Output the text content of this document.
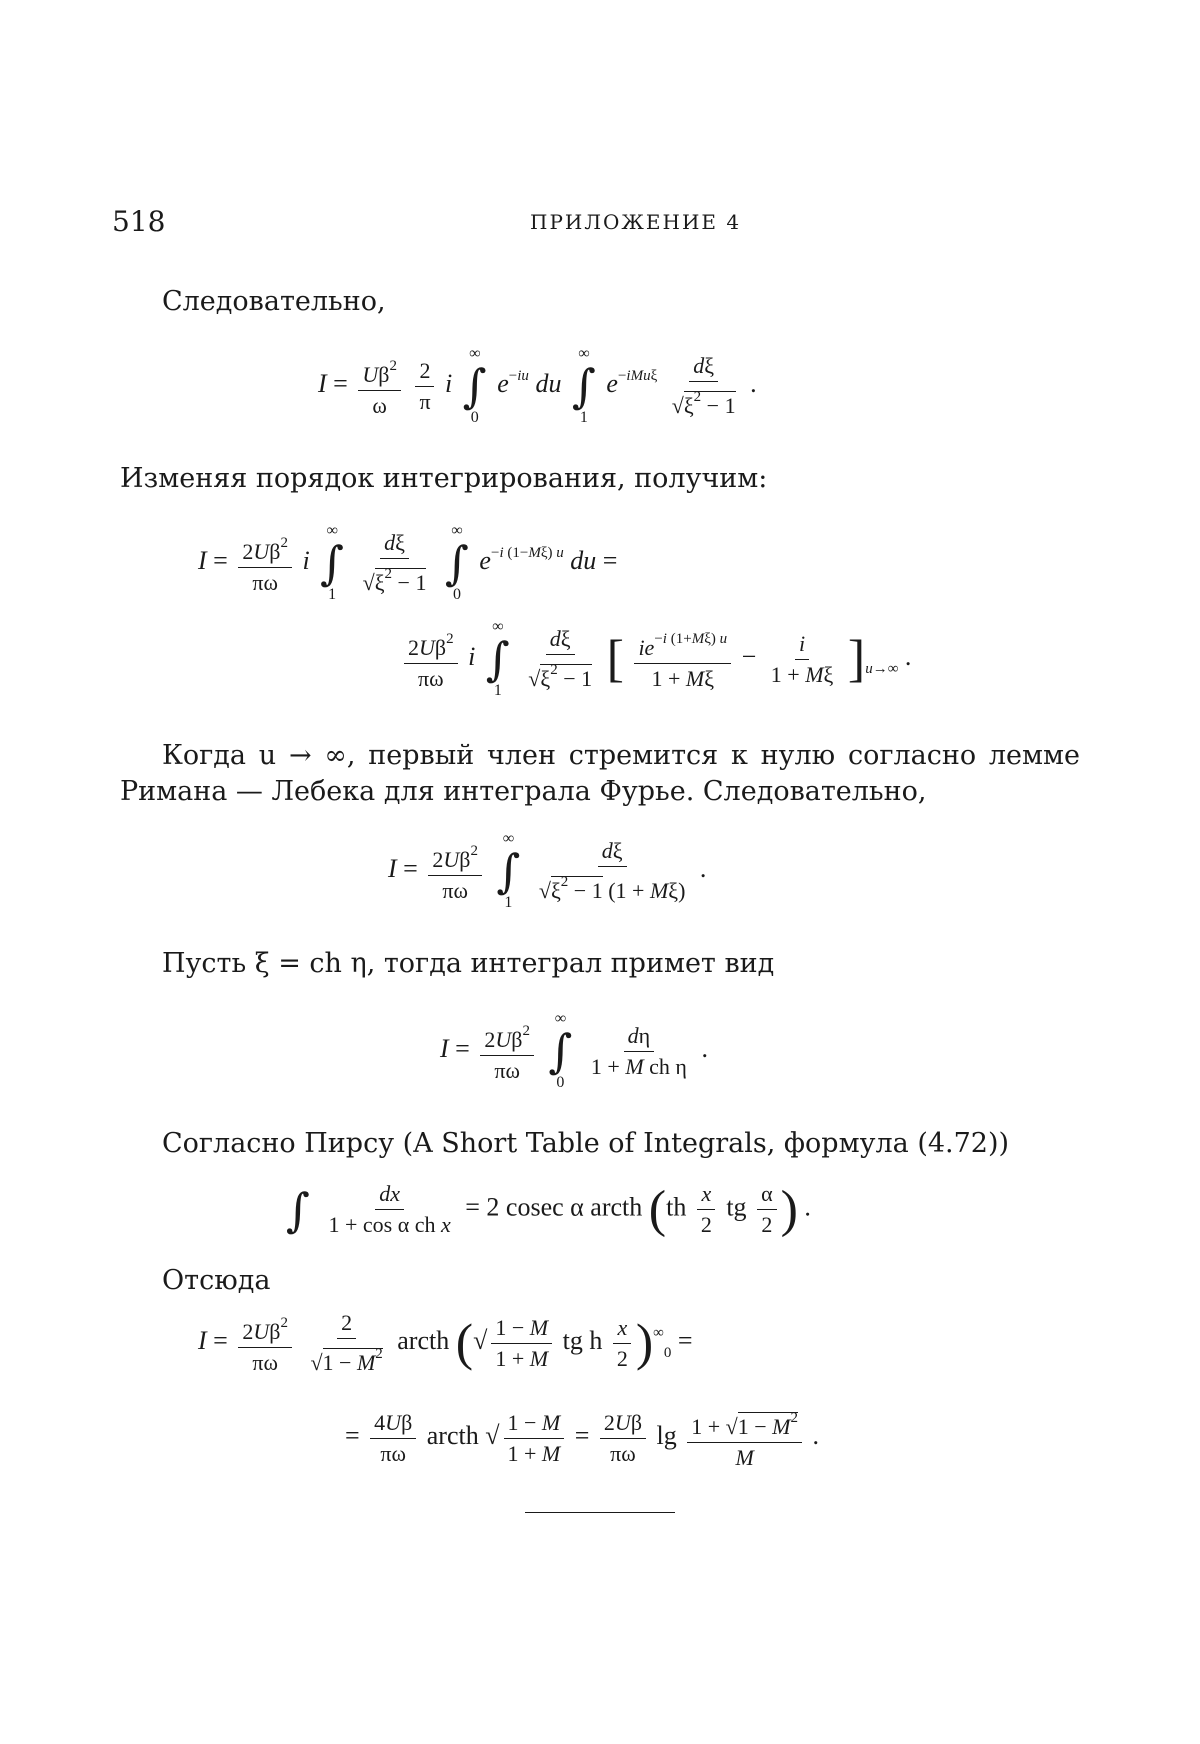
518	ПРИЛОЖЕНИЕ 4
Следовательно,
$I = \frac{U\beta^2}{\omega}$
$\frac{2}{\pi}$ i
∞
∫
0
$e^{-iu}$ du
∞
∫
1
$e^{-iMu\xi} \frac{d\xi}{√\xi^2 - 1}$ .
Изменяя порядок интегрирования, получим:
$I = \frac{2U\beta^2}{\pi\omega}$ i
∞
∫
1
$\frac{d\xi}{√\xi^2 - 1}$
∞
∫
0
$e^{-i (1-M\xi) u}$ du =
$\frac{2U\beta^2}{\pi\omega}$ i
∞
∫
1
$\frac{d\xi}{√\xi^2 - 1}$ [ $\frac{ie^{-i (1+M\xi) u}}{1 + M\xi} - \frac{i}{1 + M\xi} ]_{u\to\infty}$ .
Когда u → ∞, первый член стремится к нулю согласно лемме Римана — Лебека для интеграла Фурье. Следовательно,
$I = \frac{2U\beta^2}{\pi\omega}$
∞
∫
1
$\frac{d\xi}{√\xi^2 - 1 (1 + M\xi)}$ .
Пусть ξ = ch η, тогда интеграл примет вид
$I = \frac{2U\beta^2}{\pi\omega}$
∞
∫
0

$\frac{d\eta}{\text{1 + M ch η}}$ .
Согласно Пирсу (A Short Table of Integrals, формула (4.72))
∫
$\frac{dx}{\text{1 + cos α ch x}} = 2$ cosec α arcth ($th \frac{x}{2}$ tg $\frac{\alpha}{2}$ ) .
Отсюда
$I = \frac{2U\beta^2}{\pi\omega}$
$\frac{2}{√1 - M^2}$ arcth (√ $\frac{1 - M}{1 + M}$ tg h $\frac{x}{2} )^\infty_0$ =
= $\frac{4U\beta}{\pi\omega}$ arcth √ $\frac{1 - M}{1 + M} = \frac{2U\beta}{\pi\omega}$ $\lg \frac{1 + √1 - M^2}{M}$ .
